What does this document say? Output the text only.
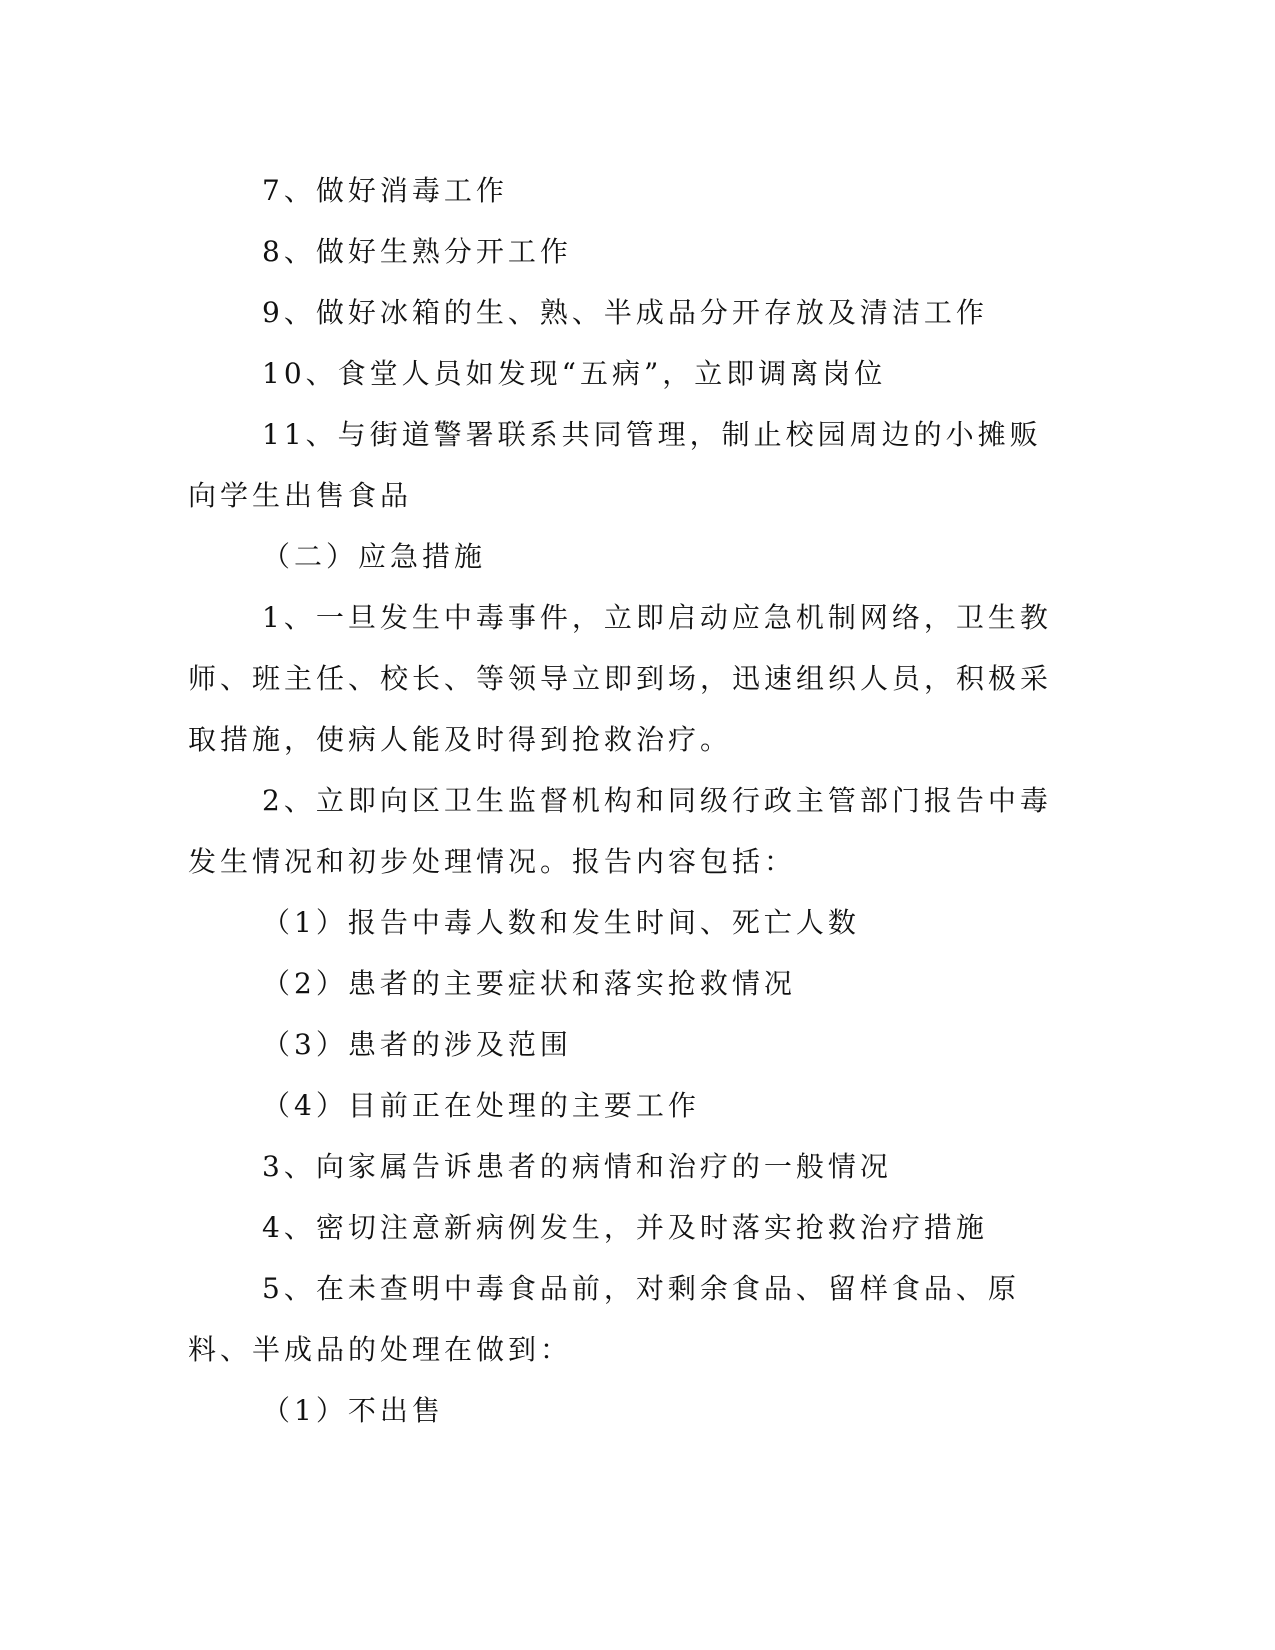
7、做好消毒工作

8、做好生熟分开工作

9、做好冰箱的生、熟、半成品分开存放及清洁工作

10、食堂人员如发现“五病”，立即调离岗位

11、与街道警署联系共同管理，制止校园周边的小摊贩向学生出售食品

（二）应急措施

1、一旦发生中毒事件，立即启动应急机制网络，卫生教师、班主任、校长、等领导立即到场，迅速组织人员，积极采取措施，使病人能及时得到抢救治疗。

2、立即向区卫生监督机构和同级行政主管部门报告中毒发生情况和初步处理情况。报告内容包括：

（1）报告中毒人数和发生时间、死亡人数

（2）患者的主要症状和落实抢救情况

（3）患者的涉及范围

（4）目前正在处理的主要工作

3、向家属告诉患者的病情和治疗的一般情况

4、密切注意新病例发生，并及时落实抢救治疗措施

5、在未查明中毒食品前，对剩余食品、留样食品、原料、半成品的处理在做到：

（1）不出售
